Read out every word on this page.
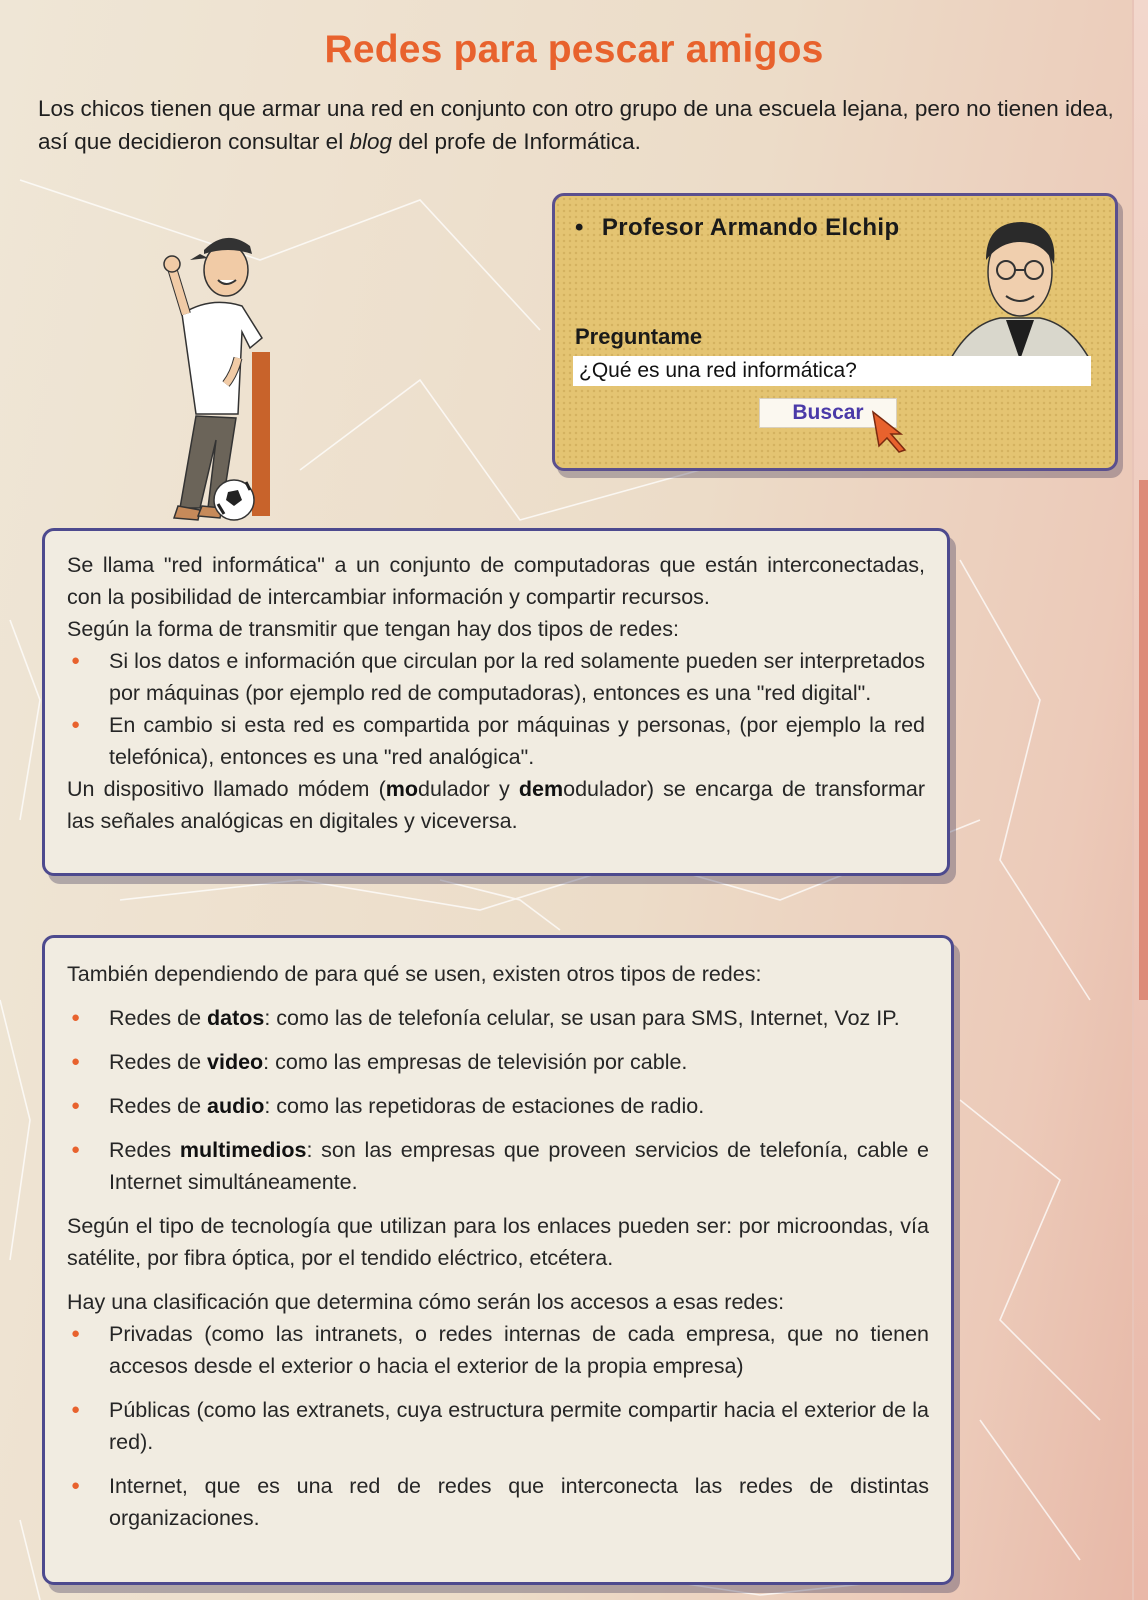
Redes para pescar amigos
Los chicos tienen que armar una red en conjunto con otro grupo de una escuela lejana, pero no tienen idea, así que decidieron consultar el blog del profe de Informática.
• Profesor Armando Elchip
Preguntame
¿Qué es una red informática?
Buscar

Se llama "red informática" a un conjunto de computadoras que están interconectadas, con la posibilidad de intercambiar información y compartir recursos.

Según la forma de transmitir que tengan hay dos tipos de redes:

● Si los datos e información que circulan por la red solamente pueden ser interpretados por máquinas (por ejemplo red de computadoras), entonces es una "red digital".
● En cambio si esta red es compartida por máquinas y personas, (por ejemplo la red telefónica), entonces es una "red analógica".

Un dispositivo llamado módem (modulador y demodulador) se encarga de transformar las señales analógicas en digitales y viceversa.

También dependiendo de para qué se usen, existen otros tipos de redes:

● Redes de datos: como las de telefonía celular, se usan para SMS, Internet, Voz IP.
● Redes de video: como las empresas de televisión por cable.
● Redes de audio: como las repetidoras de estaciones de radio.
● Redes multimedios: son las empresas que proveen servicios de telefonía, cable e Internet simultáneamente.

Según el tipo de tecnología que utilizan para los enlaces pueden ser: por microondas, vía satélite, por fibra óptica, por el tendido eléctrico, etcétera.

Hay una clasificación que determina cómo serán los accesos a esas redes:

● Privadas (como las intranets, o redes internas de cada empresa, que no tienen accesos desde el exterior o hacia el exterior de la propia empresa)
● Públicas (como las extranets, cuya estructura permite compartir hacia el exterior de la red).
● Internet, que es una red de redes que interconecta las redes de distintas organizaciones.
